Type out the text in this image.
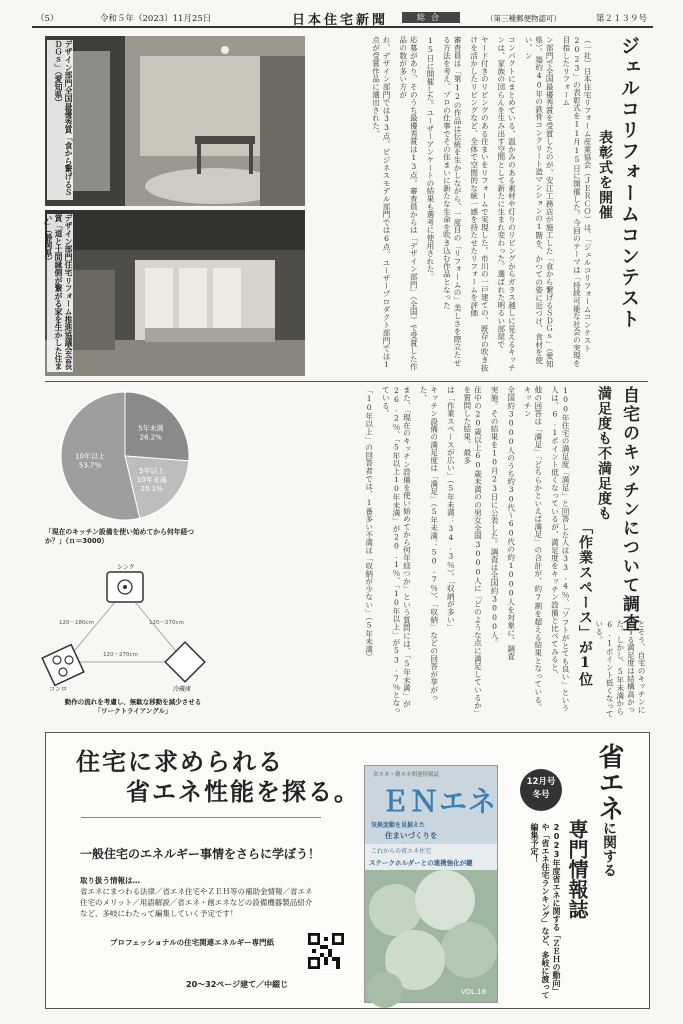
（5）	令和５年（2023）11月25日	日本住宅新聞	総合	（第三種郵便物認可）	第２１３９号
デザイン部門全国最優秀賞「食から繋げるＳＤＧｓ」（愛知県）
デザイン部門住宅リフォーム推進協議会会長賞「道と土間縁側が繋がる家を生かした住まい」（静岡県）	ジェルコリフォームコンテスト
表彰式を開催

（一社）日本住宅リフォーム産業協会（ＪＥＲＣＯ）は、「ジェルコリフォームコンテスト2023」の表彰式を11月15日に開催した。今回のテーマは「持続可能な社会の実現を目指したリフォーム

ン部門で全国最優秀賞を受賞したのが、安江工務店が施工した「食から繋げるＳＤＧｓ」（愛知県）。築約40年の鉄骨コンクリート造マンションの1階を、かつての姿に近づけ、食材を使い、ン

コンパクトにまとめている。温かみのある素材や灯りのリビングからガラス越しに見えるキッチンは、家族の団らんを生み出す空間として新たに生まれ変わった。選ばれた明るい部屋で

ヤード付きのリビングのある住まいをリフォームで実現した。市川の一戸建ての、既存の吹き抜けを活かしたリビングなど、全体で空間的な統一感を持たせたリフォームを評価

審査員は「第12の作品は伝統を生かしながら、一度目の「リフォームの」美しさを際立たせる方法を考え、プロの仕事でその住まいに新たな生命を吹き込む作品となった

15日に開催した。ユーザーアンケートの結果も選考に使用された。

応募があり、そのうち最優秀賞は13点。審査員からは「デザイン部門」（全国）で受賞した作品の数が多い方が

れ、デザイン部門では33点、ビジネスモデル部門では6点、ユーザープロダクト部門では1点が受賞作品に選出された。

自宅のキッチンについて調査
満足度も不満足度も
「作業スペース」が1位

100年住宅の満足度「満足」と回答した人は33.4％、「ソフトがとても良い」という人は、6.1ポイント低くなっているが、満足度をキッチン設備と比べてみると、

他の回答は「満足」「どちらかといえば満足」の合計が、約7割を超える結果となっている。キッチン

全国約3000人のうち約30代〜60代の約1000人を対象に、調査

実施。その結果を10月23日に公表した。調査は全国約3000人。

住中の20歳以上60歳未満のの男女全国3000人に「どのような点に満足しているか」を質問した結果、最多

は「作業スペースが広い」（5年未満：34.3％）。「収納が多い」

キッチン設備の満足度は「満足」（5年未満：50.7％）、「収納」などの回答が挙がった。

また、「現在のキッチン設備を使い始めてから何年経つか」という質問には、「5年未満」が26.2％、「5年以上10年未満」が20.1％、「10年以上」が53.7％となっている。

「10年以上」の回答者では、1番多い不満は「収納が少ない」（5年未満）

5年未満
26.2%
5年以上
10年未満
20.1%
10年以上
53.7%
「現在のキッチン設備を使い始めてから何年経つか？」（ｎ＝3000）
シンク
コンロ	冷蔵庫
120〜180cm	120〜270cm
120〜270cm
動作の流れを考慮し、無駄な移動を減少させる
「ワークトライアングル」	とそう、自宅のキッチンに対する満足度は結構高かった。しかし、5年未満から6.1ポイント低くなっている。
住宅に求められる
省エネ性能を探る。
一般住宅のエネルギー事情をさらに学ぼう！
取り扱う情報は…
省エネにまつわる法律／省エネ住宅やＺＥＨ等の補助金情報／省エネ
住宅のメリット／用語解説／省エネ・創エネなどの設備機器製品紹介
など、多岐にわたって編集していく予定です！
プロフェッショナルの住宅関連エネルギー専門紙
20〜32ページ建て／中綴じ
省エネ・創エネ関連情報誌
ＥＮエネ
気候変動を見据えた
住まいづくりを
これからの省エネ住宅
ステークホルダーとの連携強化が鍵
VOL.16
12月号
冬号	省エネに関する
専門情報誌
2023年度省エネに関する「ＺＥＨの動向」や「省エネ住宅ランキング」など、多岐に渡って編集予定！
